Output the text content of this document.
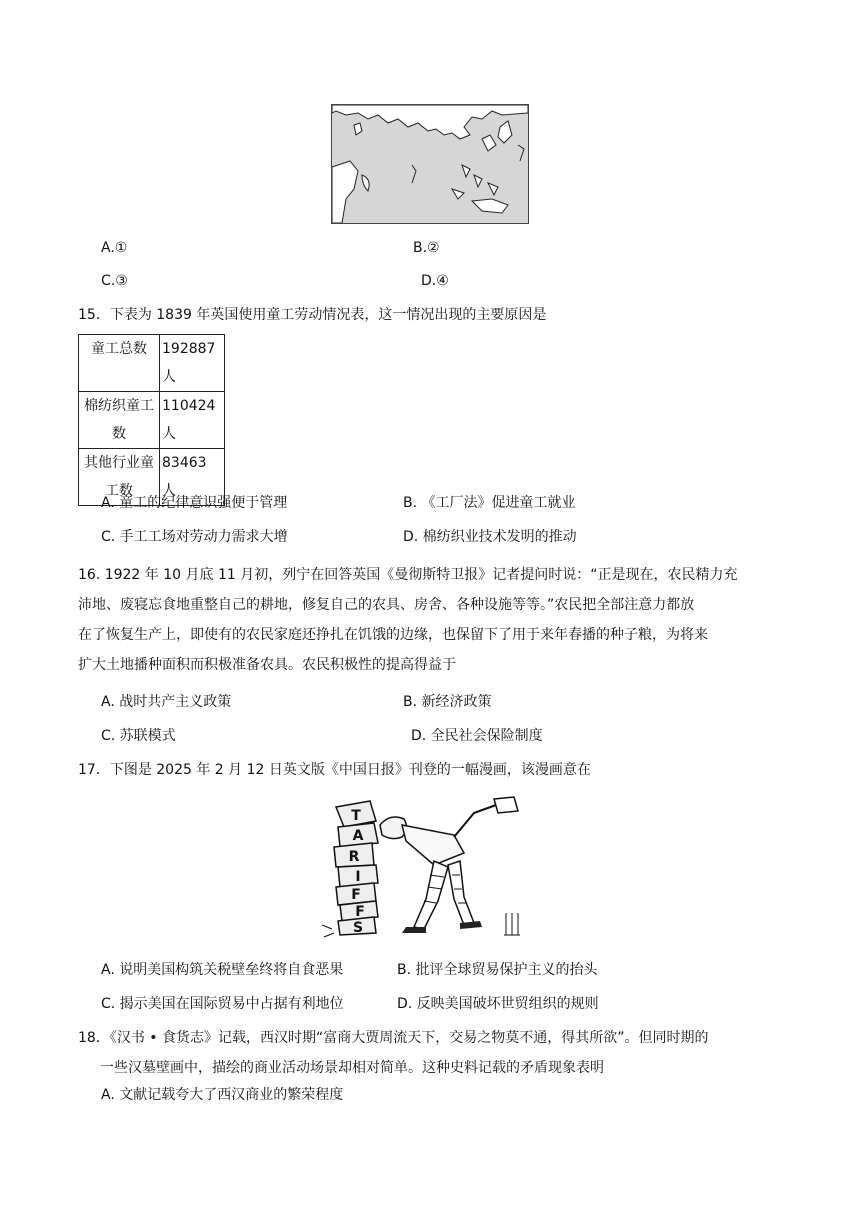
A.①	B.②
C.③	D.④
15．下表为 1839 年英国使用童工劳动情况表，这一情况出现的主要原因是
童工总数	192887 人
棉纺织童工
数	110424 人
其他行业童
工数	83463 人
A. 童工的纪律意识强便于管理	B. 《工厂法》促进童工就业
C. 手工工场对劳动力需求大增	D. 棉纺织业技术发明的推动
16. 1922 年 10 月底 11 月初，列宁在回答英国《曼彻斯特卫报》记者提问时说：“正是现在，农民精力充
沛地、废寝忘食地重整自己的耕地，修复自己的农具、房舍、各种设施等等。”农民把全部注意力都放
在了恢复生产上，即使有的农民家庭还挣扎在饥饿的边缘，也保留下了用于来年春播的种子粮，为将来
扩大土地播种面积而积极准备农具。农民积极性的提高得益于
A. 战时共产主义政策	B. 新经济政策
C. 苏联模式	D. 全民社会保险制度
17．下图是 2025 年 2 月 12 日英文版《中国日报》刊登的一幅漫画，该漫画意在
T
A
R
I
F
F
S
A. 说明美国构筑关税壁垒终将自食恶果	B. 批评全球贸易保护主义的抬头
C. 揭示美国在国际贸易中占据有利地位	D. 反映美国破坏世贸组织的规则
18．《汉书 • 食货志》记载，西汉时期“富商大贾周流天下，交易之物莫不通，得其所欲”。但同时期的
一些汉墓壁画中，描绘的商业活动场景却相对简单。这种史料记载的矛盾现象表明
A. 文献记载夸大了西汉商业的繁荣程度
